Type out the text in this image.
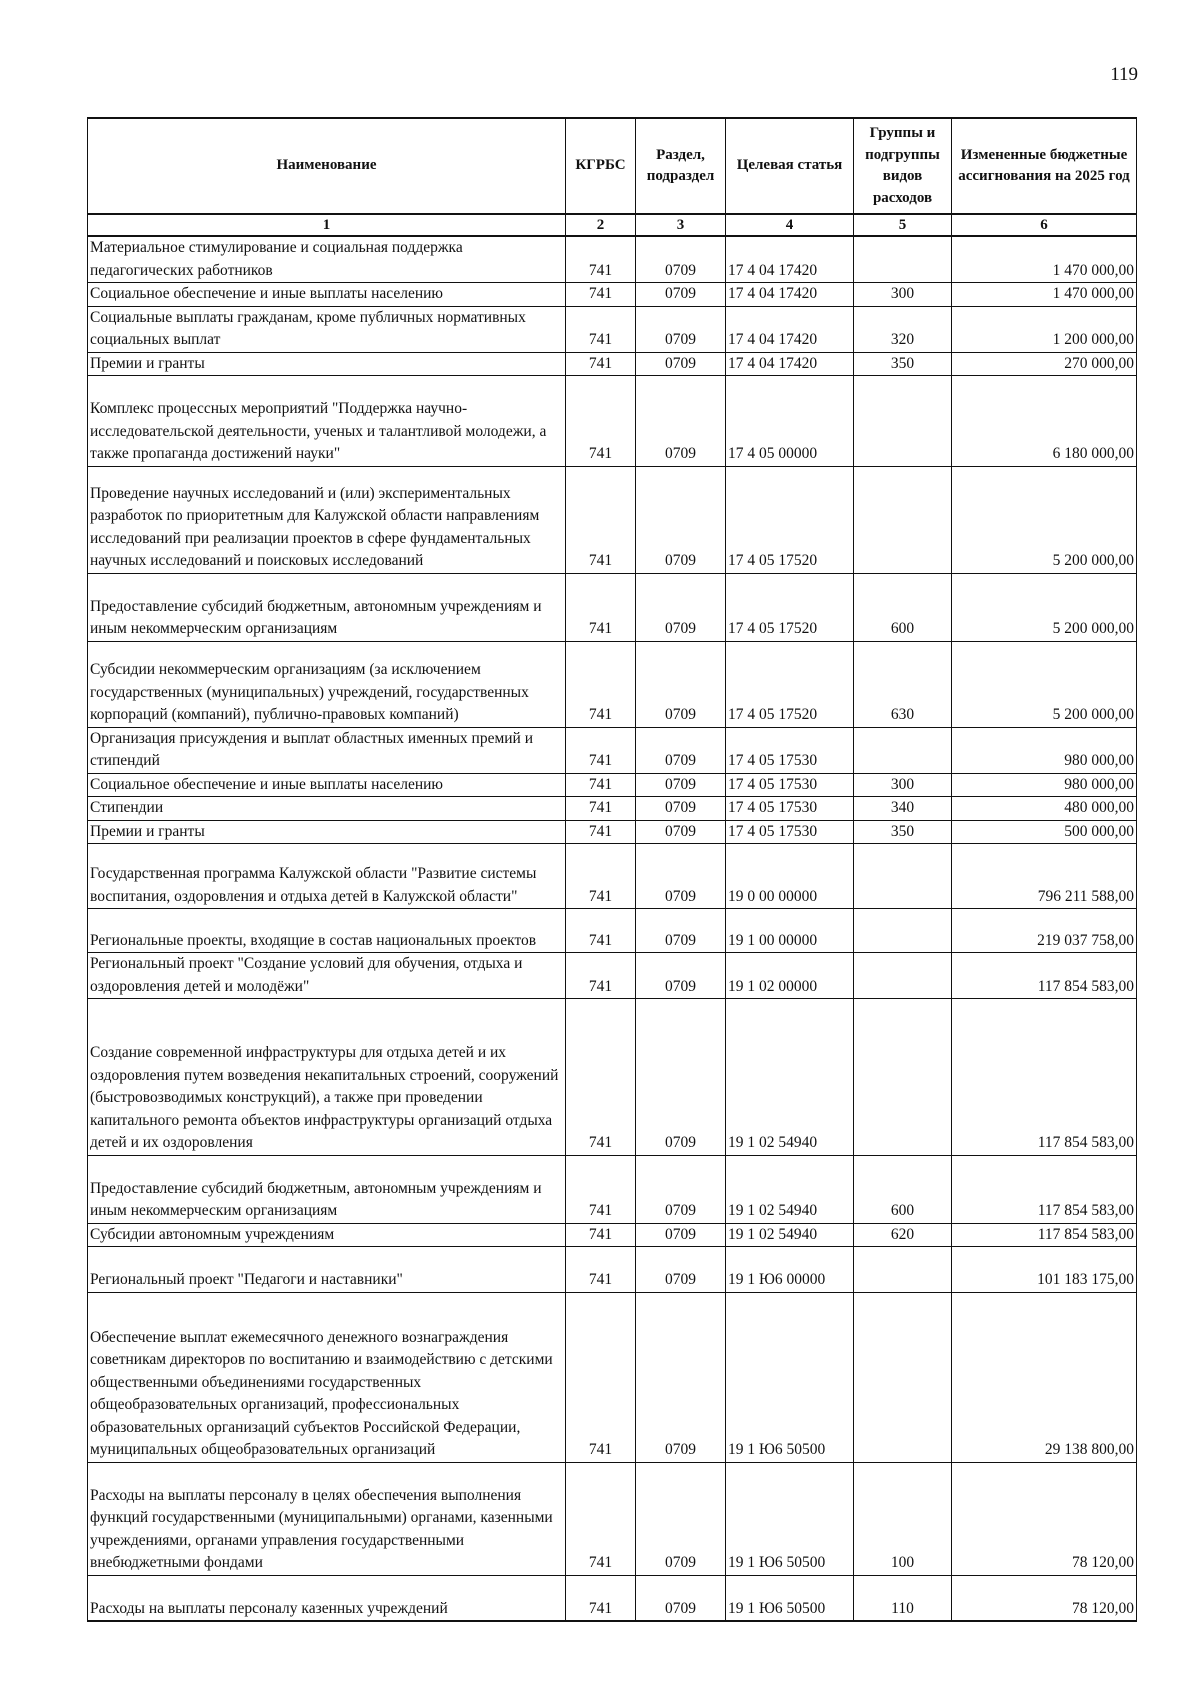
119
Наименование	КГРБС	Раздел, подраздел	Целевая статья	Группы и подгруппы видов расходов	Измененные бюджетные ассигнования на 2025 год
1	2	3	4	5	6
Материальное стимулирование и социальная поддержка педагогических работников	741	0709	17 4 04 17420		1 470 000,00
Социальное обеспечение и иные выплаты населению	741	0709	17 4 04 17420	300	1 470 000,00
Социальные выплаты гражданам, кроме публичных нормативных социальных выплат	741	0709	17 4 04 17420	320	1 200 000,00
Премии и гранты	741	0709	17 4 04 17420	350	270 000,00
Комплекс процессных мероприятий "Поддержка научно-исследовательской деятельности, ученых и талантливой молодежи, а также пропаганда достижений науки"	741	0709	17 4 05 00000		6 180 000,00
Проведение научных исследований и (или) экспериментальных разработок по приоритетным для Калужской области направлениям исследований при реализации проектов в сфере фундаментальных научных исследований и поисковых исследований	741	0709	17 4 05 17520		5 200 000,00
Предоставление субсидий бюджетным, автономным учреждениям и иным некоммерческим организациям	741	0709	17 4 05 17520	600	5 200 000,00
Субсидии некоммерческим организациям (за исключением государственных (муниципальных) учреждений, государственных корпораций (компаний), публично-правовых компаний)	741	0709	17 4 05 17520	630	5 200 000,00
Организация присуждения и выплат областных именных премий и стипендий	741	0709	17 4 05 17530		980 000,00
Социальное обеспечение и иные выплаты населению	741	0709	17 4 05 17530	300	980 000,00
Стипендии	741	0709	17 4 05 17530	340	480 000,00
Премии и гранты	741	0709	17 4 05 17530	350	500 000,00
Государственная программа Калужской области "Развитие системы воспитания, оздоровления и отдыха детей в Калужской области"	741	0709	19 0 00 00000		796 211 588,00
Региональные проекты, входящие в состав национальных проектов	741	0709	19 1 00 00000		219 037 758,00
Региональный проект "Создание условий для обучения, отдыха и оздоровления детей и молодёжи"	741	0709	19 1 02 00000		117 854 583,00
Создание современной инфраструктуры для отдыха детей и их оздоровления путем возведения некапитальных строений, сооружений (быстровозводимых конструкций), а также при проведении капитального ремонта объектов инфраструктуры организаций отдыха детей и их оздоровления	741	0709	19 1 02 54940		117 854 583,00
Предоставление субсидий бюджетным, автономным учреждениям и иным некоммерческим организациям	741	0709	19 1 02 54940	600	117 854 583,00
Субсидии автономным учреждениям	741	0709	19 1 02 54940	620	117 854 583,00
Региональный проект "Педагоги и наставники"	741	0709	19 1 Ю6 00000		101 183 175,00
Обеспечение выплат ежемесячного денежного вознаграждения советникам директоров по воспитанию и взаимодействию с детскими общественными объединениями государственных общеобразовательных организаций, профессиональных образовательных организаций субъектов Российской Федерации, муниципальных общеобразовательных организаций	741	0709	19 1 Ю6 50500		29 138 800,00
Расходы на выплаты персоналу в целях обеспечения выполнения функций государственными (муниципальными) органами, казенными учреждениями, органами управления государственными внебюджетными фондами	741	0709	19 1 Ю6 50500	100	78 120,00
Расходы на выплаты персоналу казенных учреждений	741	0709	19 1 Ю6 50500	110	78 120,00
